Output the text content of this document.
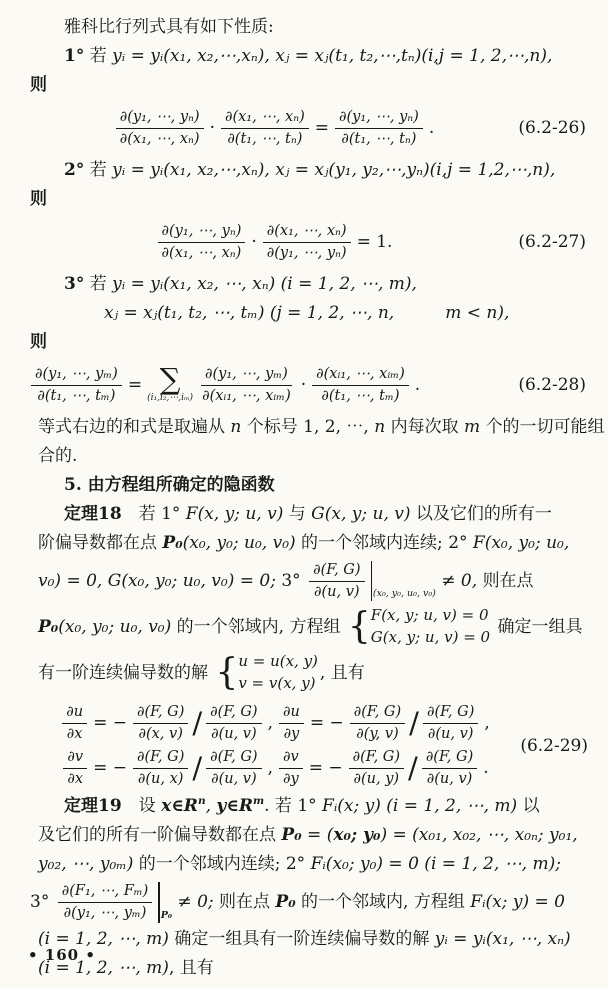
雅科比行列式具有如下性质:
1° 若 yᵢ = yᵢ(x₁, x₂,⋯,xₙ), xⱼ = xⱼ(t₁, t₂,⋯,tₙ)(i,j = 1, 2,⋯,n),
则
$\frac{\text{∂(y₁, ⋯, yₙ)}}{\text{∂(x₁, ⋯, xₙ)}} \cdot \frac{\text{∂(x₁, ⋯, xₙ)}}{\text{∂(t₁, ⋯, tₙ)}} = \frac{\text{∂(y₁, ⋯, yₙ)}}{\text{∂(t₁, ⋯, tₙ)}}$ .	(6.2-26)
2° 若 yᵢ = yᵢ(x₁, x₂,⋯,xₙ), xⱼ = xⱼ(y₁, y₂,⋯,yₙ)(i,j = 1,2,⋯,n),
则
$\frac{\text{∂(y₁, ⋯, yₙ)}}{\text{∂(x₁, ⋯, xₙ)}} \cdot \frac{\text{∂(x₁, ⋯, xₙ)}}{\text{∂(y₁, ⋯, yₙ)}} = 1$.	(6.2-27)
3° 若 yᵢ = yᵢ(x₁, x₂, ⋯, xₙ) (i = 1, 2, ⋯, m),
xⱼ = xⱼ(t₁, t₂, ⋯, tₘ) (j = 1, 2, ⋯, n,
　　　	m < n),
则
$\frac{\text{∂(y₁, ⋯, yₘ)}}{\text{∂(t₁, ⋯, tₘ)}}$ = ∑
(i₁,i₂,⋯,iₘ) $\frac{\text{∂(y₁, ⋯, yₘ)}}{\text{∂(xᵢ₁, ⋯, xᵢₘ)}} \cdot \frac{\text{∂(xᵢ₁, ⋯, xᵢₘ)}}{\text{∂(t₁, ⋯, tₘ)}}$ .	(6.2-28)
等式右边的和式是取遍从 n 个标号 1, 2, ⋯, n 内每次取 m 个的一切可能组
合的.
5. 由方程组所确定的隐函数
定理18 　若 1° F(x, y; u, v) 与 G(x, y; u, v) 以及它们的所有一
阶偏导数都在点 P₀ (x₀, y₀; u₀, v₀) 的一个邻域内连续; 2° F(x₀, y₀; u₀,
v₀) = 0, G(x₀, y₀; u₀, v₀) = 0; $3^\circ \frac{\partial(F, G)}{\partial(u, v)} (x_0$, y₀, u₀, v₀)
≠ 0, 则在点
P₀ (x₀, y₀; u₀, v₀) 的一个邻域内, 方程组 { F(x, y; u, v) = 0
G(x, y; u, v) = 0
确定一组具
有一阶连续偏导数的解 { u = u(x, y)
v = v(x, y)
, 且有
$\frac{\partial u}{\partial x}$ = − $\frac{\partial(F, G)}{\partial(x, v)} / \frac{\partial(F, G)}{\partial(u, v)}$ , $\frac{\partial u}{\partial y}$ = − $\frac{\partial(F, G)}{\partial(y, v)} / \frac{\partial(F, G)}{\partial(u, v)}$ ,
$\frac{\partial v}{\partial x}$ = − $\frac{\partial(F, G)}{\partial(u, x)} / \frac{\partial(F, G)}{\partial(u, v)}$ , $\frac{\partial v}{\partial y}$ = − $\frac{\partial(F, G)}{\partial(u, y)} / \frac{\partial(F, G)}{\partial(u, v)}$ .
(6.2-29)
定理19 　设 x∈R n , y∈R m . 若 1° Fᵢ(x; y) (i = 1, 2, ⋯, m) 以
及它们的所有一阶偏导数都在点 P₀ = ( x₀; y₀ ) = (x₀₁, x₀₂, ⋯, x₀ₙ; y₀₁,
y₀₂, ⋯, y₀ₘ) 的一个邻域内连续; 2° Fᵢ(x₀; y₀) = 0 (i = 1, 2, ⋯, m);
$3^\circ \frac{\text{∂(F₁, ⋯, Fₘ)}}{\text{∂(y₁, ⋯, yₘ)}} P_0$
≠ 0; 则在点 P₀ 的一个邻域内, 方程组 Fᵢ(x; y) = 0
(i = 1, 2, ⋯, m) 确定一组具有一阶连续偏导数的解 yᵢ = yᵢ(x₁, ⋯, xₙ)
(i = 1, 2, ⋯, m) , 且有
• 160 •
